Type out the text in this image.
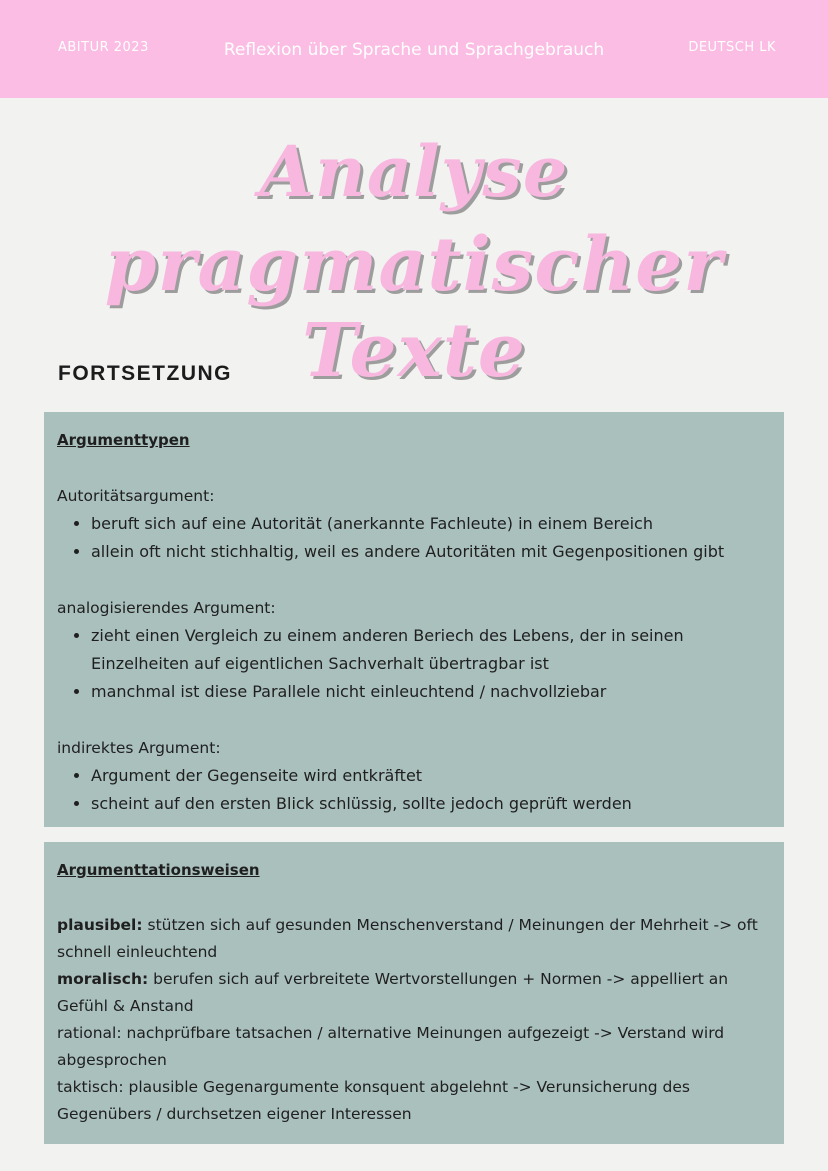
ABITUR 2023	Reflexion über Sprache und Sprachgebrauch	DEUTSCH LK
Analyse
pragmatischer Texte
FORTSETZUNG
Argumenttypen
Autoritätsargument:
• beruft sich auf eine Autorität (anerkannte Fachleute) in einem Bereich
• allein oft nicht stichhaltig, weil es andere Autoritäten mit Gegenpositionen gibt
analogisierendes Argument:
• zieht einen Vergleich zu einem anderen Beriech des Lebens, der in seinen Einzelheiten auf eigentlichen Sachverhalt übertragbar ist
• manchmal ist diese Parallele nicht einleuchtend / nachvollziebar
indirektes Argument:
• Argument der Gegenseite wird entkräftet
• scheint auf den ersten Blick schlüssig, sollte jedoch geprüft werden
Argumenttationsweisen
plausibel: stützen sich auf gesunden Menschenverstand / Meinungen der Mehrheit -> oft schnell einleuchtend
moralisch: berufen sich auf verbreitete Wertvorstellungen + Normen -> appelliert an Gefühl & Anstand
rational: nachprüfbare tatsachen / alternative Meinungen aufgezeigt -> Verstand wird abgesprochen
taktisch: plausible Gegenargumente konsquent abgelehnt -> Verunsicherung des Gegenübers / durchsetzen eigener Interessen
